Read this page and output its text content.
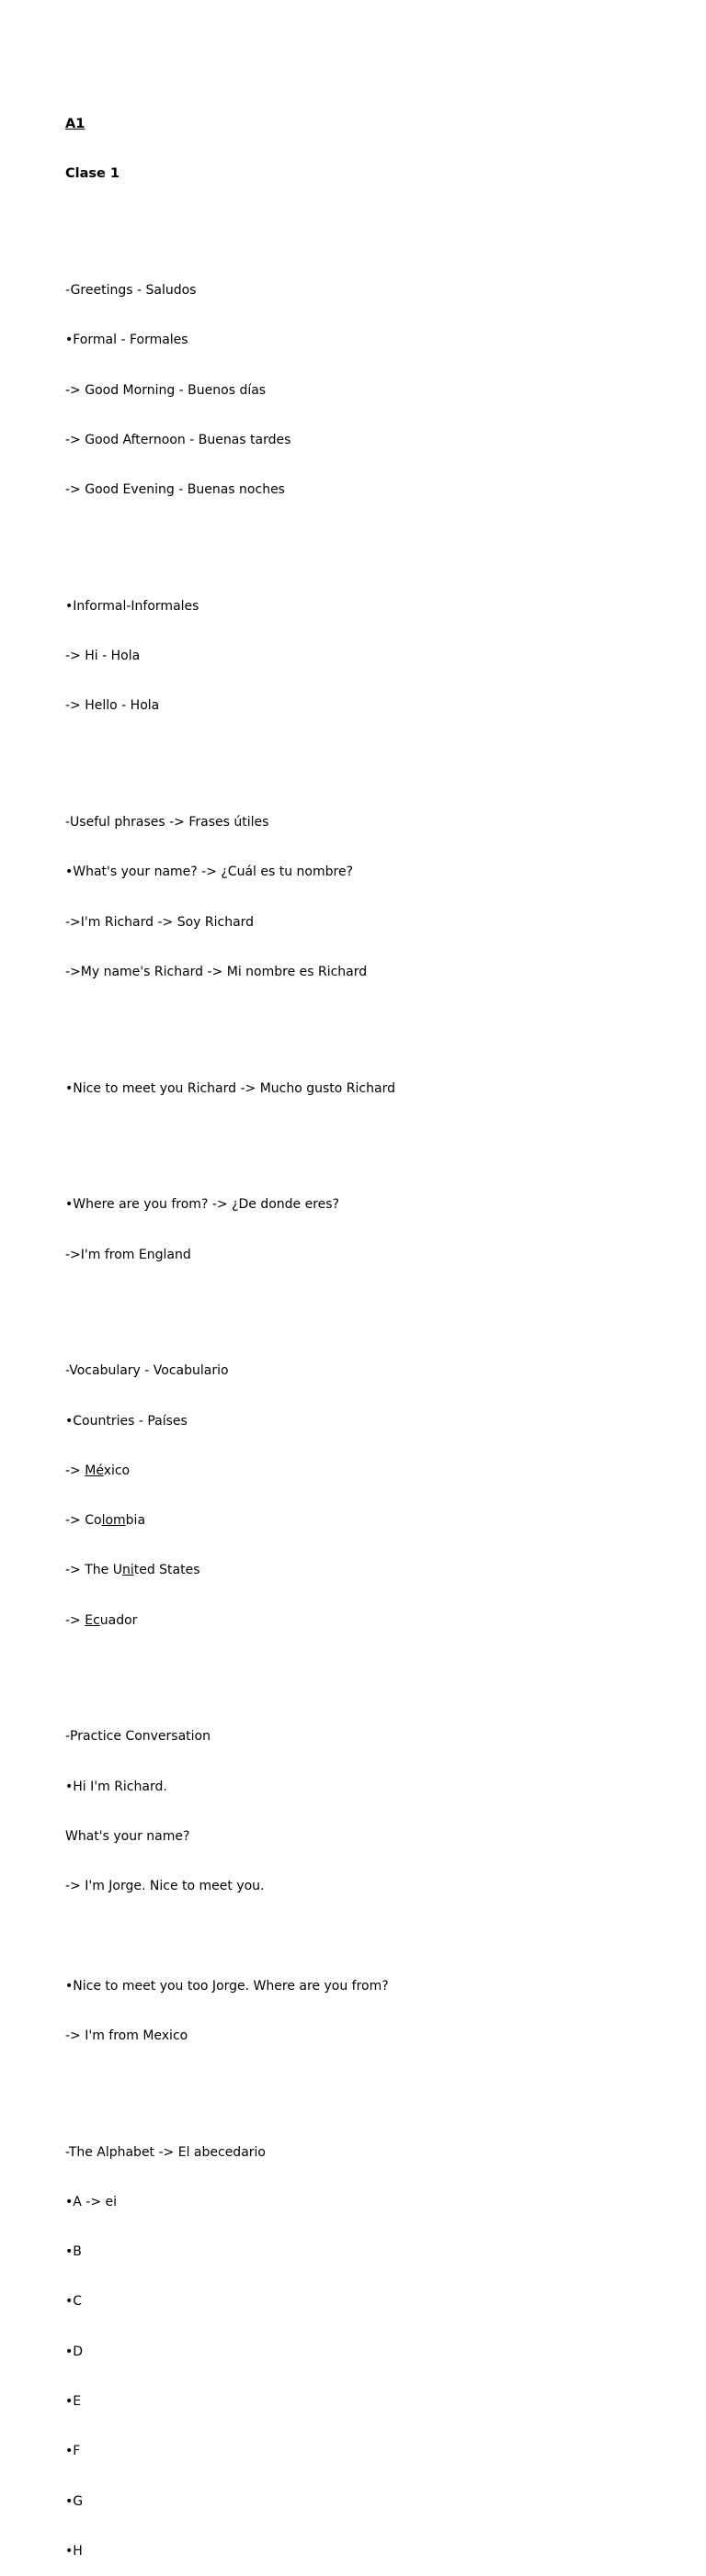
A1

Clase 1

-Greetings - Saludos

•Formal - Formales

-> Good Morning - Buenos días

-> Good Afternoon - Buenas tardes

-> Good Evening - Buenas noches

•Informal-Informales

-> Hi - Hola

-> Hello - Hola

-Useful phrases -> Frases útiles

•What's your name? -> ¿Cuál es tu nombre?

->I'm Richard -> Soy Richard

->My name's Richard -> Mi nombre es Richard

•Nice to meet you Richard -> Mucho gusto Richard

•Where are you from? -> ¿De donde eres?

->I'm from England

-Vocabulary - Vocabulario

•Countries - Países

-> México

-> Colombia

-> The United States

-> Ecuador

-Practice Conversation

•Hi I'm Richard.

What's your name?

-> I'm Jorge. Nice to meet you.

•Nice to meet you too Jorge. Where are you from?

-> I'm from Mexico

-The Alphabet -> El abecedario

•A -> ei

•B

•C

•D

•E

•F

•G

•H
